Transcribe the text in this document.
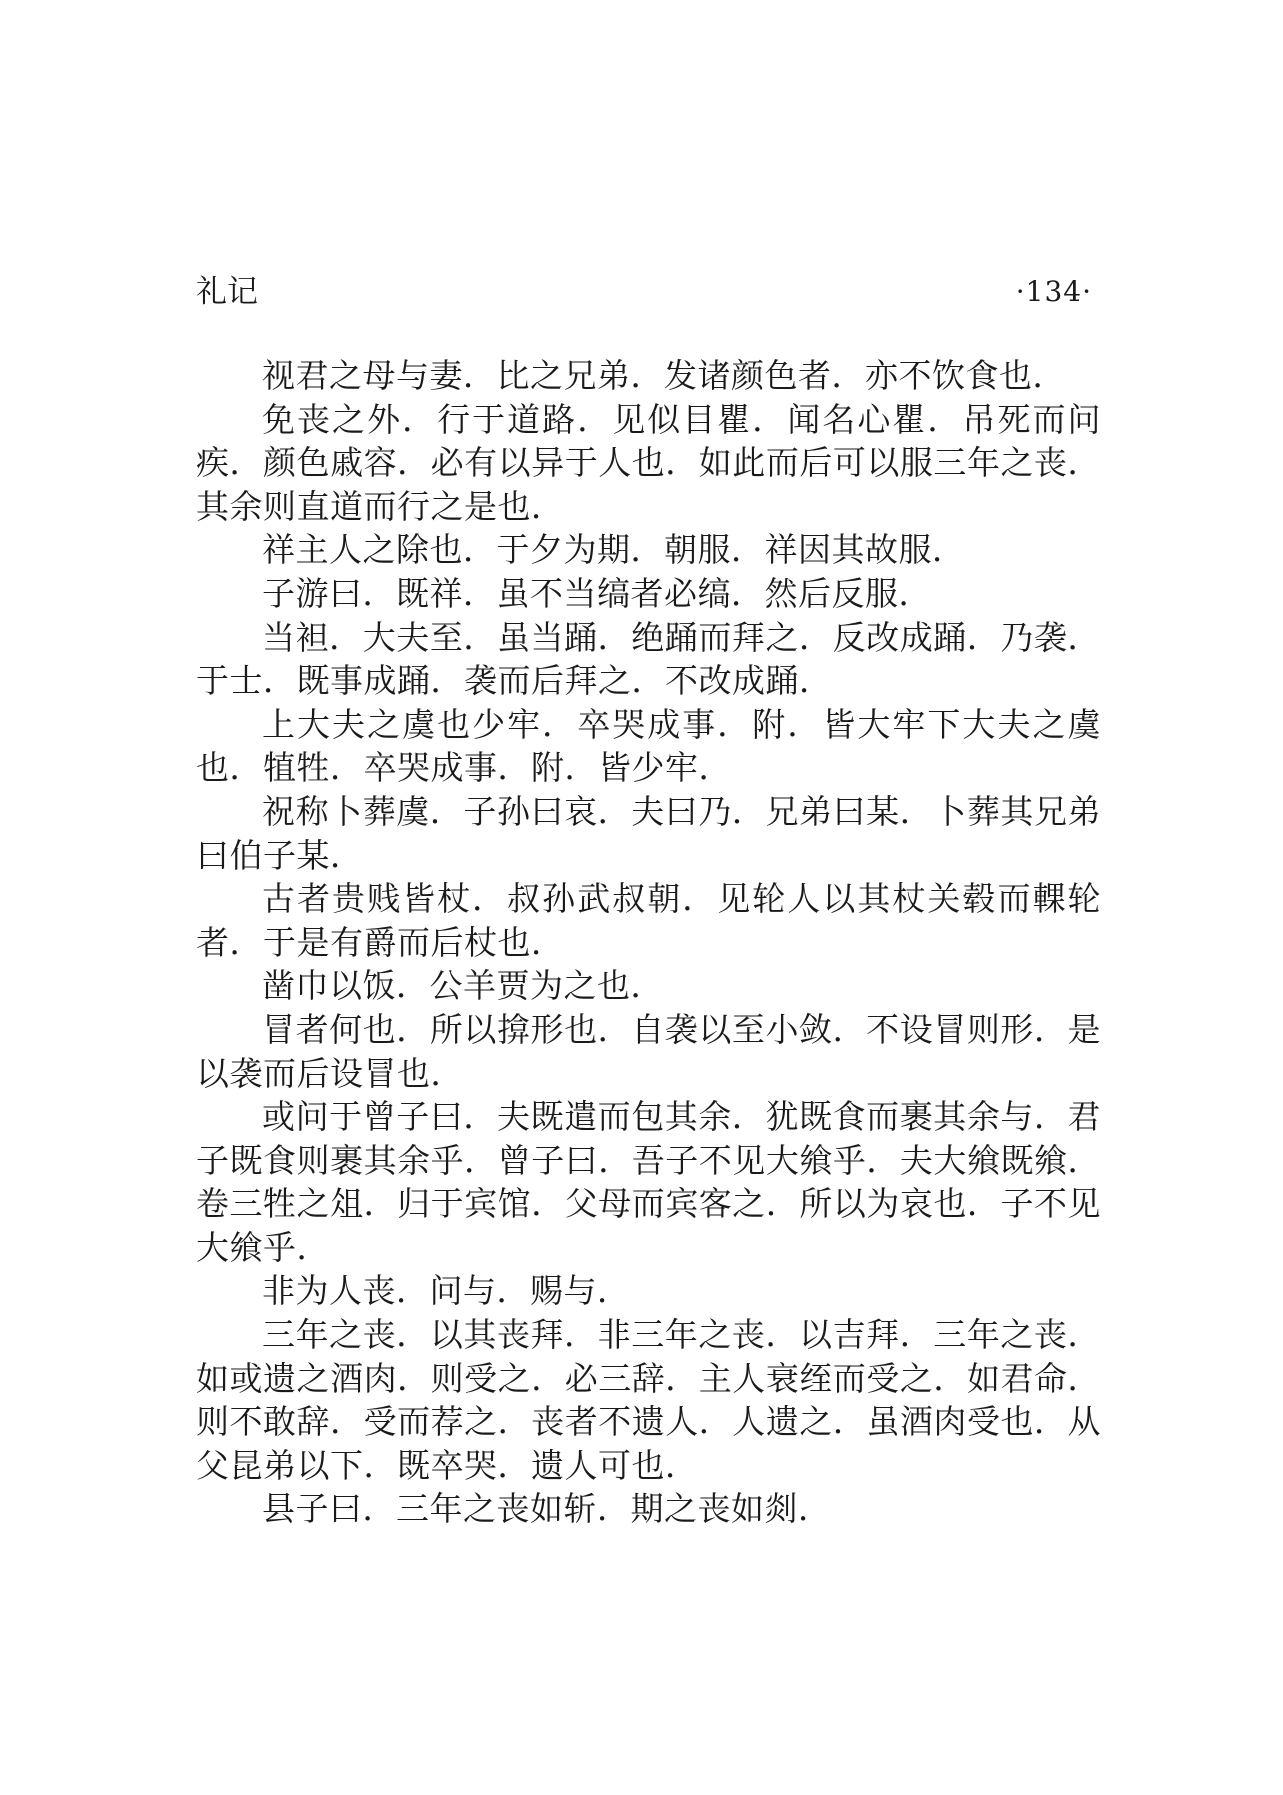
礼记	·134·

视君之母与妻．比之兄弟．发诸颜色者．亦不饮食也．

免丧之外．行于道路．见似目瞿．闻名心瞿．吊死而问疾．颜色戚容．必有以异于人也．如此而后可以服三年之丧．其余则直道而行之是也．

祥主人之除也．于夕为期．朝服．祥因其故服．

子游曰．既祥．虽不当缟者必缟．然后反服．

当袒．大夫至．虽当踊．绝踊而拜之．反改成踊．乃袭．于士．既事成踊．袭而后拜之．不改成踊．

上大夫之虞也少牢．卒哭成事．附．皆大牢下大夫之虞也．犆牲．卒哭成事．附．皆少牢．

祝称卜葬虞．子孙曰哀．夫曰乃．兄弟曰某．卜葬其兄弟曰伯子某．

古者贵贱皆杖．叔孙武叔朝．见轮人以其杖关毂而輠轮者．于是有爵而后杖也．

凿巾以饭．公羊贾为之也．

冒者何也．所以揜形也．自袭以至小敛．不设冒则形．是以袭而后设冒也．

或问于曾子曰．夫既遣而包其余．犹既食而裹其余与．君子既食则裹其余乎．曾子曰．吾子不见大飨乎．夫大飨既飨．卷三牲之俎．归于宾馆．父母而宾客之．所以为哀也．子不见大飨乎．

非为人丧．问与．赐与．

三年之丧．以其丧拜．非三年之丧．以吉拜．三年之丧．如或遗之酒肉．则受之．必三辞．主人衰绖而受之．如君命．则不敢辞．受而荐之．丧者不遗人．人遗之．虽酒肉受也．从父昆弟以下．既卒哭．遗人可也．

县子曰．三年之丧如斩．期之丧如剡．
